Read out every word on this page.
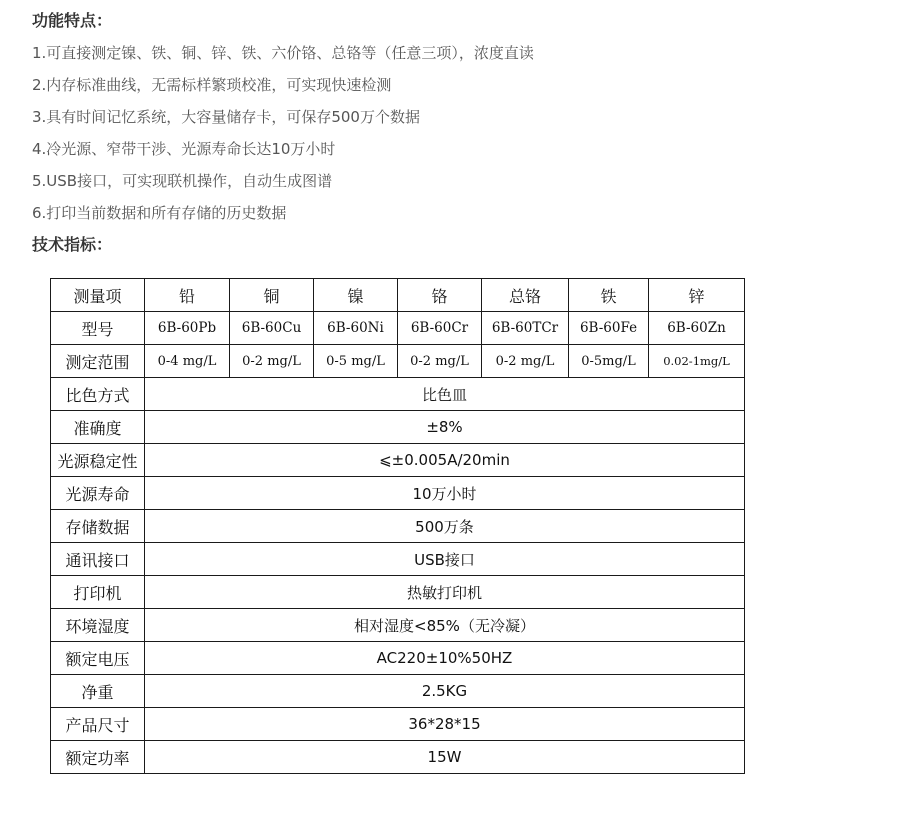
功能特点：
1.可直接测定镍、铁、铜、锌、铁、六价铬、总铬等（任意三项），浓度直读
2.内存标准曲线，无需标样繁琐校准，可实现快速检测
3.具有时间记忆系统，大容量储存卡，可保存500万个数据
4.冷光源、窄带干涉、光源寿命长达10万小时
5.USB接口，可实现联机操作，自动生成图谱
6.打印当前数据和所有存储的历史数据
技术指标：
测量项	铅	铜	镍	铬	总铬	铁	锌
型号	6B-60Pb	6B-60Cu	6B-60Ni	6B-60Cr	6B-60TCr	6B-60Fe	6B-60Zn
测定范围	0-4 mg/L	0-2 mg/L	0-5 mg/L	0-2 mg/L	0-2 mg/L	0-5mg/L	0.02-1mg/L
比色方式	比色皿						
准确度	±8%						
光源稳定性	⩽±0.005A/20min						
光源寿命	10万小时						
存储数据	500万条						
通讯接口	USB接口						
打印机	热敏打印机						
环境湿度	相对湿度<85%（无冷凝）						
额定电压	AC220±10%50HZ						
净重	2.5KG						
产品尺寸	36*28*15						
额定功率	15W						
